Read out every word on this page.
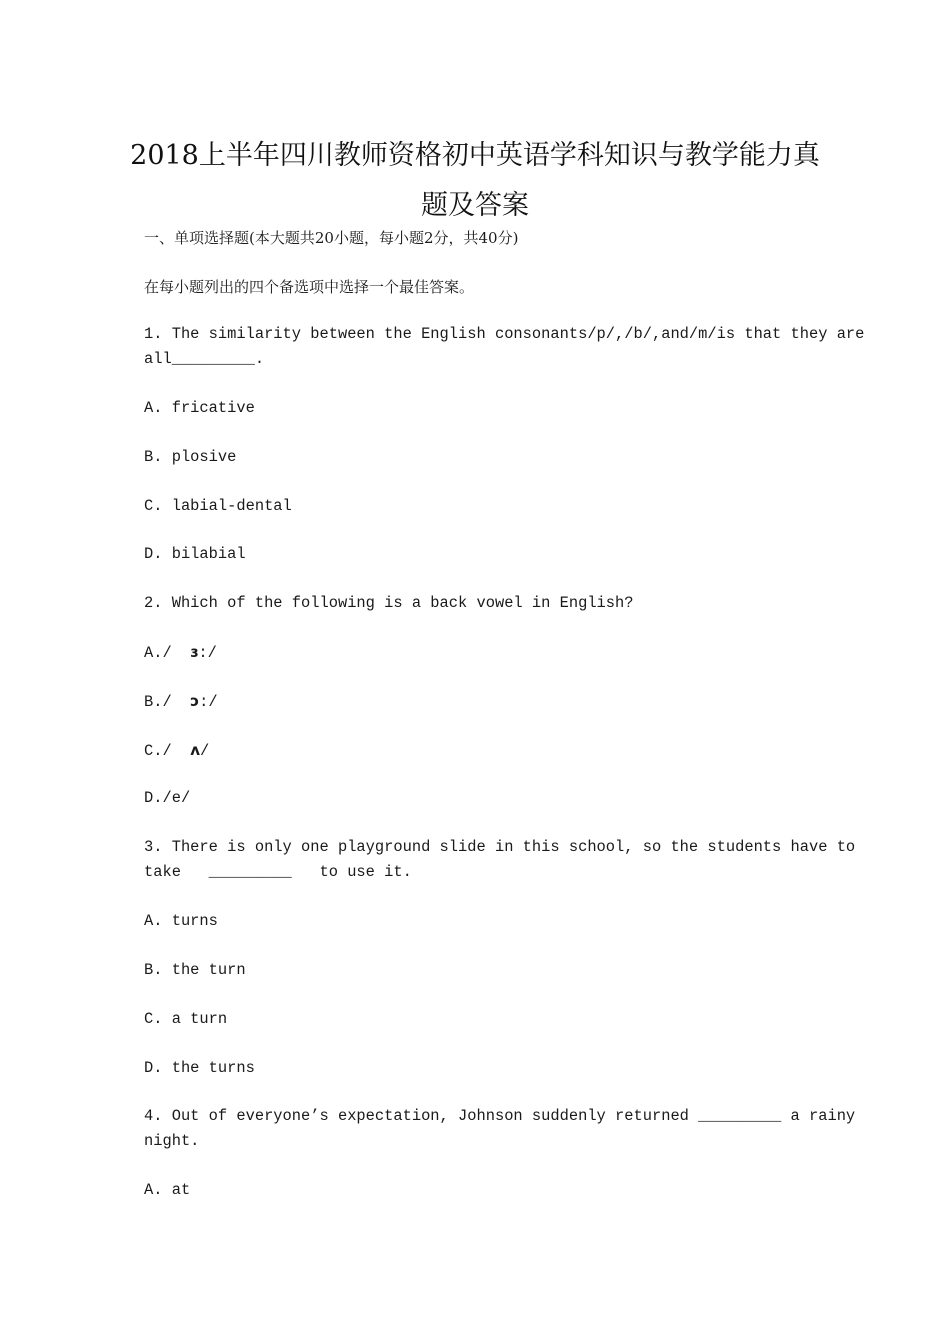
2018上半年四川教师资格初中英语学科知识与教学能力真
题及答案
一、单项选择题(本大题共20小题，每小题2分，共40分)
在每小题列出的四个备选项中选择一个最佳答案。
1. The similarity between the English consonants/p/,/b/,and/m/is that they are
all_________.
A. fricative
B. plosive
C. labial-dental
D. bilabial
2. Which of the following is a back vowel in English?
A./  ɜ:/
B./  ɔ:/
C./  ʌ/
D./e/
3. There is only one playground slide in this school, so the students have to
take   _________   to use it.
A. turns
B. the turn
C. a turn
D. the turns
4. Out of everyone’s expectation, Johnson suddenly returned _________ a rainy
night.
A. at
